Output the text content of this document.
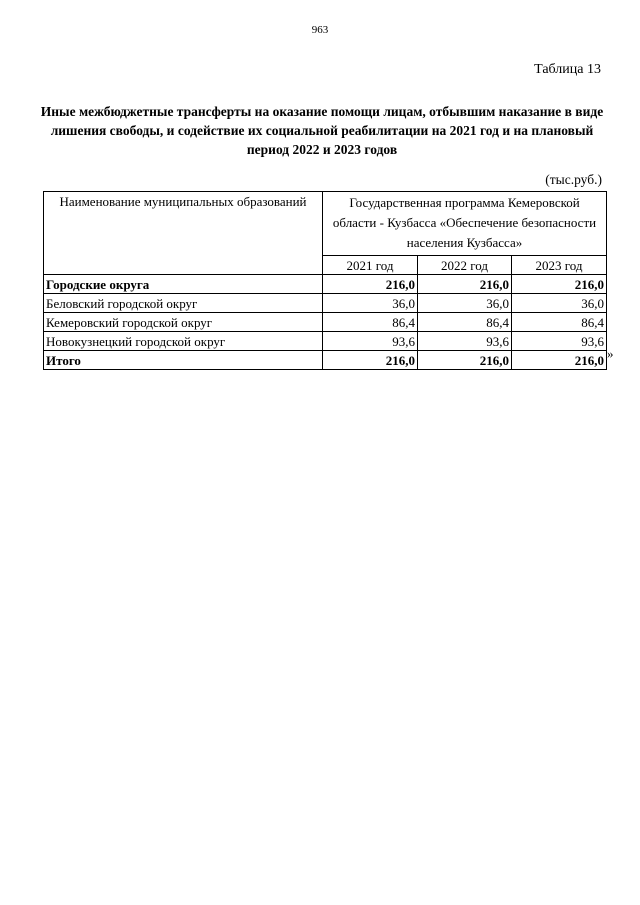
963
Таблица 13
Иные межбюджетные трансферты на оказание помощи лицам, отбывшим наказание в виде лишения свободы, и содействие их социальной реабилитации на 2021 год и на плановый период 2022 и 2023 годов
(тыс.руб.)
Наименование муниципальных образований	Государственная программа Кемеровской области - Кузбасса «Обеспечение безопасности населения Кузбасса»		
	2021 год	2022 год	2023 год
Городские округа	216,0	216,0	216,0
Беловский городской округ	36,0	36,0	36,0
Кемеровский городской округ	86,4	86,4	86,4
Новокузнецкий городской округ	93,6	93,6	93,6
Итого	216,0	216,0	216,0 »
